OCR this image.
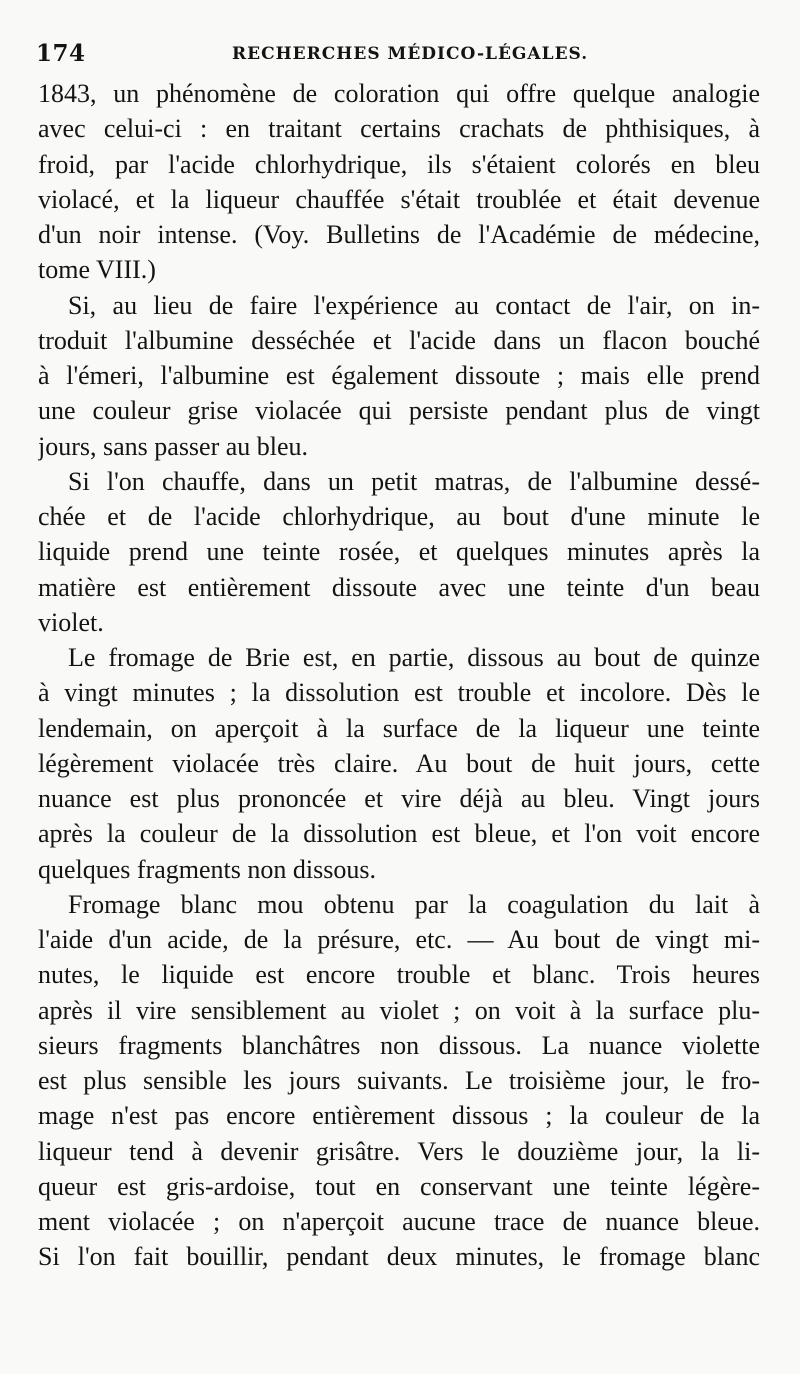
174	RECHERCHES MÉDICO-LÉGALES.
1843, un phénomène de coloration qui offre quelque analogie
avec celui-ci : en traitant certains crachats de phthisiques, à
froid, par l'acide chlorhydrique, ils s'étaient colorés en bleu
violacé, et la liqueur chauffée s'était troublée et était devenue
d'un noir intense. (Voy. Bulletins de l'Académie de médecine,
tome VIII.)
Si, au lieu de faire l'expérience au contact de l'air, on in-
troduit l'albumine desséchée et l'acide dans un flacon bouché
à l'émeri, l'albumine est également dissoute ; mais elle prend
une couleur grise violacée qui persiste pendant plus de vingt
jours, sans passer au bleu.
Si l'on chauffe, dans un petit matras, de l'albumine dessé-
chée et de l'acide chlorhydrique, au bout d'une minute le
liquide prend une teinte rosée, et quelques minutes après la
matière est entièrement dissoute avec une teinte d'un beau
violet.
Le fromage de Brie est, en partie, dissous au bout de quinze
à vingt minutes ; la dissolution est trouble et incolore. Dès le
lendemain, on aperçoit à la surface de la liqueur une teinte
légèrement violacée très claire. Au bout de huit jours, cette
nuance est plus prononcée et vire déjà au bleu. Vingt jours
après la couleur de la dissolution est bleue, et l'on voit encore
quelques fragments non dissous.
Fromage blanc mou obtenu par la coagulation du lait à
l'aide d'un acide, de la présure, etc. — Au bout de vingt mi-
nutes, le liquide est encore trouble et blanc. Trois heures
après il vire sensiblement au violet ; on voit à la surface plu-
sieurs fragments blanchâtres non dissous. La nuance violette
est plus sensible les jours suivants. Le troisième jour, le fro-
mage n'est pas encore entièrement dissous ; la couleur de la
liqueur tend à devenir grisâtre. Vers le douzième jour, la li-
queur est gris-ardoise, tout en conservant une teinte légère-
ment violacée ; on n'aperçoit aucune trace de nuance bleue.
Si l'on fait bouillir, pendant deux minutes, le fromage blanc
